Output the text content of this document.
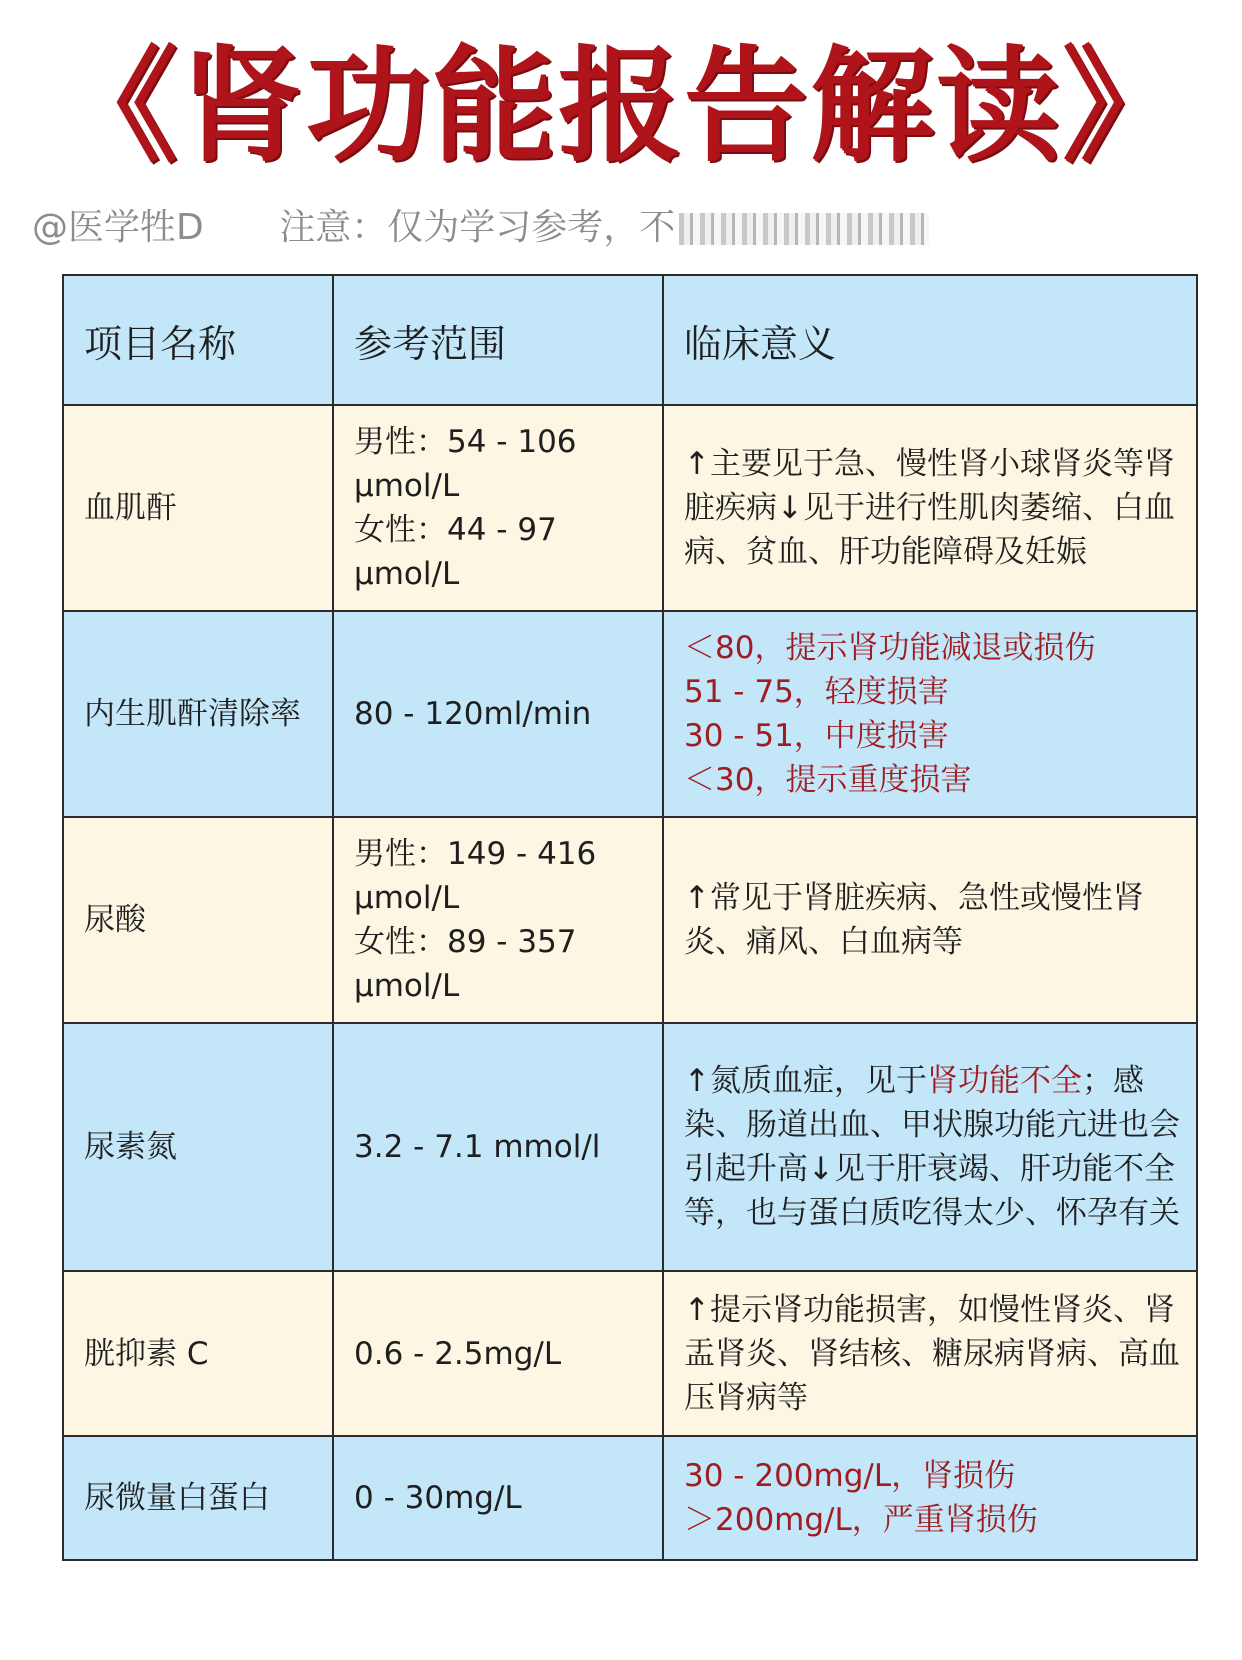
《肾功能报告解读》
@医学牲D 注意：仅为学习参考，不
项目名称	参考范围	临床意义
血肌酐	男性：54 - 106
μmol/L
女性：44 - 97
μmol/L	↑主要见于急、慢性肾小球肾炎等肾脏疾病↓见于进行性肌肉萎缩、白血病、贫血、肝功能障碍及妊娠
内生肌酐清除率	80 - 120ml/min	＜80，提示肾功能减退或损伤
51 - 75，轻度损害
30 - 51，中度损害
＜30，提示重度损害

尿酸	男性：149 - 416
μmol/L
女性：89 - 357
μmol/L	↑常见于肾脏疾病、急性或慢性肾炎、痛风、白血病等
尿素氮	3.2 - 7.1 mmol/l	↑氮质血症，见于肾功能不全；感染、肠道出血、甲状腺功能亢进也会引起升高↓见于肝衰竭、肝功能不全等，也与蛋白质吃得太少、怀孕有关
胱抑素 C	0.6 - 2.5mg/L	↑提示肾功能损害，如慢性肾炎、肾盂肾炎、肾结核、糖尿病肾病、高血压肾病等
尿微量白蛋白	0 - 30mg/L	30 - 200mg/L，肾损伤
＞200mg/L，严重肾损伤
